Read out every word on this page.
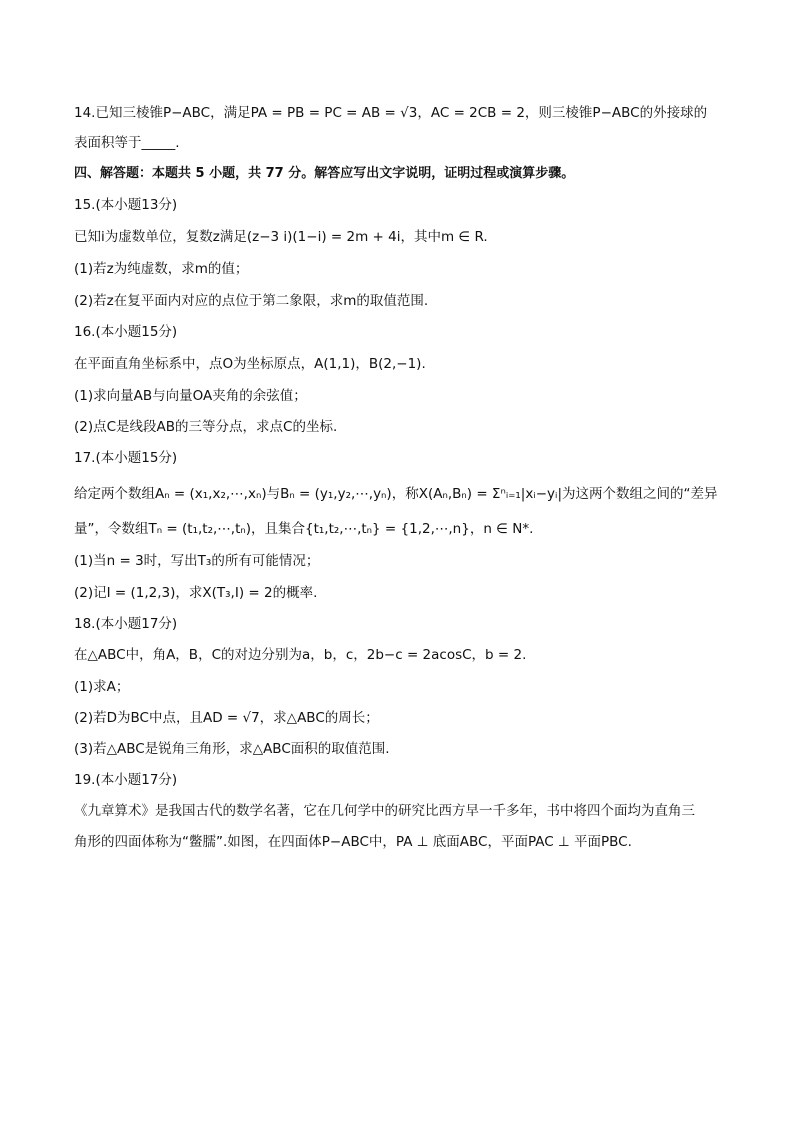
14.已知三棱锥P−ABC，满足PA = PB = PC = AB = √3，AC = 2CB = 2，则三棱锥P−ABC的外接球的
表面积等于_____.
四、解答题：本题共 5 小题，共 77 分。解答应写出文字说明，证明过程或演算步骤。
15.(本小题13分)
已知i为虚数单位，复数z满足(z−3 i)(1−i) = 2m + 4i，其中m ∈ R.
(1)若z为纯虚数，求m的值；
(2)若z在复平面内对应的点位于第二象限，求m的取值范围.
16.(本小题15分)
在平面直角坐标系中，点O为坐标原点，A(1,1)，B(2,−1).
(1)求向量AB与向量OA夹角的余弦值；
(2)点C是线段AB的三等分点，求点C的坐标.
17.(本小题15分)
给定两个数组Aₙ = (x₁,x₂,⋯,xₙ)与Bₙ = (y₁,y₂,⋯,yₙ)，称X(Aₙ,Bₙ) = Σⁿᵢ₌₁|xᵢ−yᵢ|为这两个数组之间的“差异
量”，令数组Tₙ = (t₁,t₂,⋯,tₙ)，且集合{t₁,t₂,⋯,tₙ} = {1,2,⋯,n}，n ∈ N*.
(1)当n = 3时，写出T₃的所有可能情况；
(2)记I = (1,2,3)，求X(T₃,I) = 2的概率.
18.(本小题17分)
在△ABC中，角A，B，C的对边分别为a，b，c，2b−c = 2acosC，b = 2.
(1)求A；
(2)若D为BC中点，且AD = √7，求△ABC的周长；
(3)若△ABC是锐角三角形，求△ABC面积的取值范围.
19.(本小题17分)
《九章算术》是我国古代的数学名著，它在几何学中的研究比西方早一千多年，书中将四个面均为直角三
角形的四面体称为“鳖臑”.如图，在四面体P−ABC中，PA ⊥ 底面ABC，平面PAC ⊥ 平面PBC.
